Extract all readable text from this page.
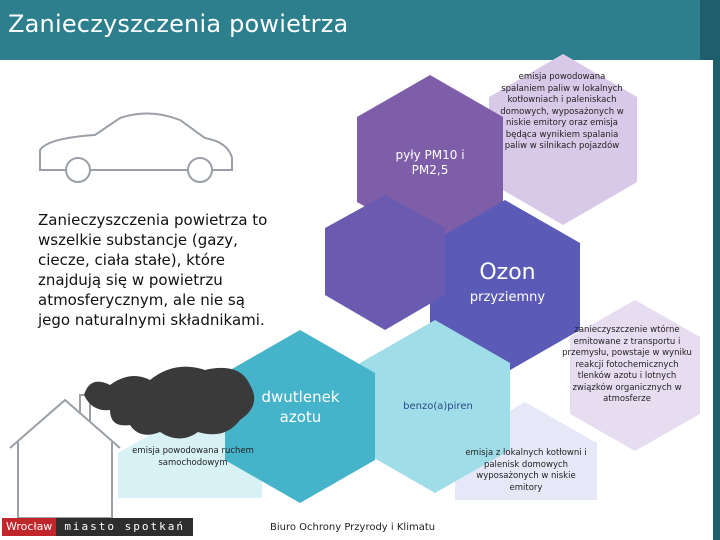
Zanieczyszczenia powietrza
Zanieczyszczenia powietrza to wszelkie substancje (gazy, ciecze, ciała stałe), które znajdują się w powietrzu atmosferycznym, ale nie są jego naturalnymi składnikami.
pyły PM10 i PM2,5
Ozon
przyziemny
dwutlenek
azotu
benzo(a)piren
emisja powodowana spalaniem paliw w lokalnych kotłowniach i paleniskach domowych, wyposażonych w niskie emitory oraz emisja będąca wynikiem spalania paliw w silnikach pojazdów
zanieczyszczenie wtórne emitowane z transportu i przemysłu, powstaje w wyniku reakcji fotochemicznych tlenków azotu i lotnych związków organicznych w atmosferze
emisja powodowana ruchem samochodowym
emisja z lokalnych kotłowni i palenisk domowych wyposażonych w niskie emitory
Wrocław	miasto spotkań	Biuro Ochrony Przyrody i Klimatu
